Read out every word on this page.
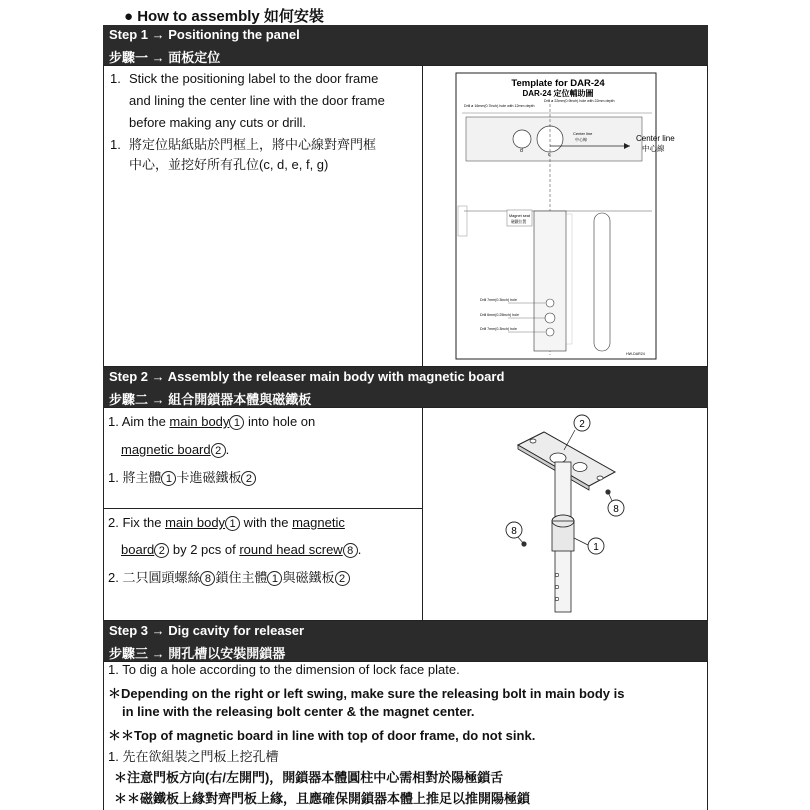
● How to assembly 如何安裝
Step 1 → Positioning the panel
步驟一 → 面板定位
1. Stick the positioning label to the door frame
and lining the center line with the door frame
before making any cuts or drill.
1. 將定位貼紙貼於門框上，將中心線對齊門框
中心，並挖好所有孔位(c, d, e, f, g)
Template for DAR-24
DAR-24 定位輔助圖
Drill ø 16mm(0.7inch) hole with 12mm depth
Drill ø 22mm(0.9inch) hole with 22mm depth
d
c
Center line
中心線	Center line
中心線
Magnet seat
磁鐵位置
Drill 7mm(0.3inch) hole
Drill 6mm(0.25inch) hole
Drill 7mm(0.3inch) hole
HW-DAR24
Step 2 → Assembly the releaser main body with magnetic board
步驟二 → 組合開鎖器本體與磁鐵板
1. Aim the main body 1 into hole on
magnetic board 2 .
1. 將主體 1 卡進磁鐵板 2
2. Fix the main body 1 with the magnetic
board 2 by 2 pcs of round head screw 8 .
2. 二只圓頭螺絲 8 鎖住主體 1 與磁鐵板 2
2
8
8
1
Step 3 → Dig cavity for releaser
步驟三 → 開孔槽以安裝開鎖器
1. To dig a hole according to the dimension of lock face plate.
＊Depending on the right or left swing, make sure the releasing bolt in main body is
in line with the releasing bolt center & the magnet center.
＊＊Top of magnetic board in line with top of door frame, do not sink.
1. 先在欲組裝之門板上挖孔槽
＊注意門板方向(右/左開門)，開鎖器本體圓柱中心需相對於陽極鎖舌
＊＊磁鐵板上緣對齊門板上緣，且應確保開鎖器本體上推足以推開陽極鎖
